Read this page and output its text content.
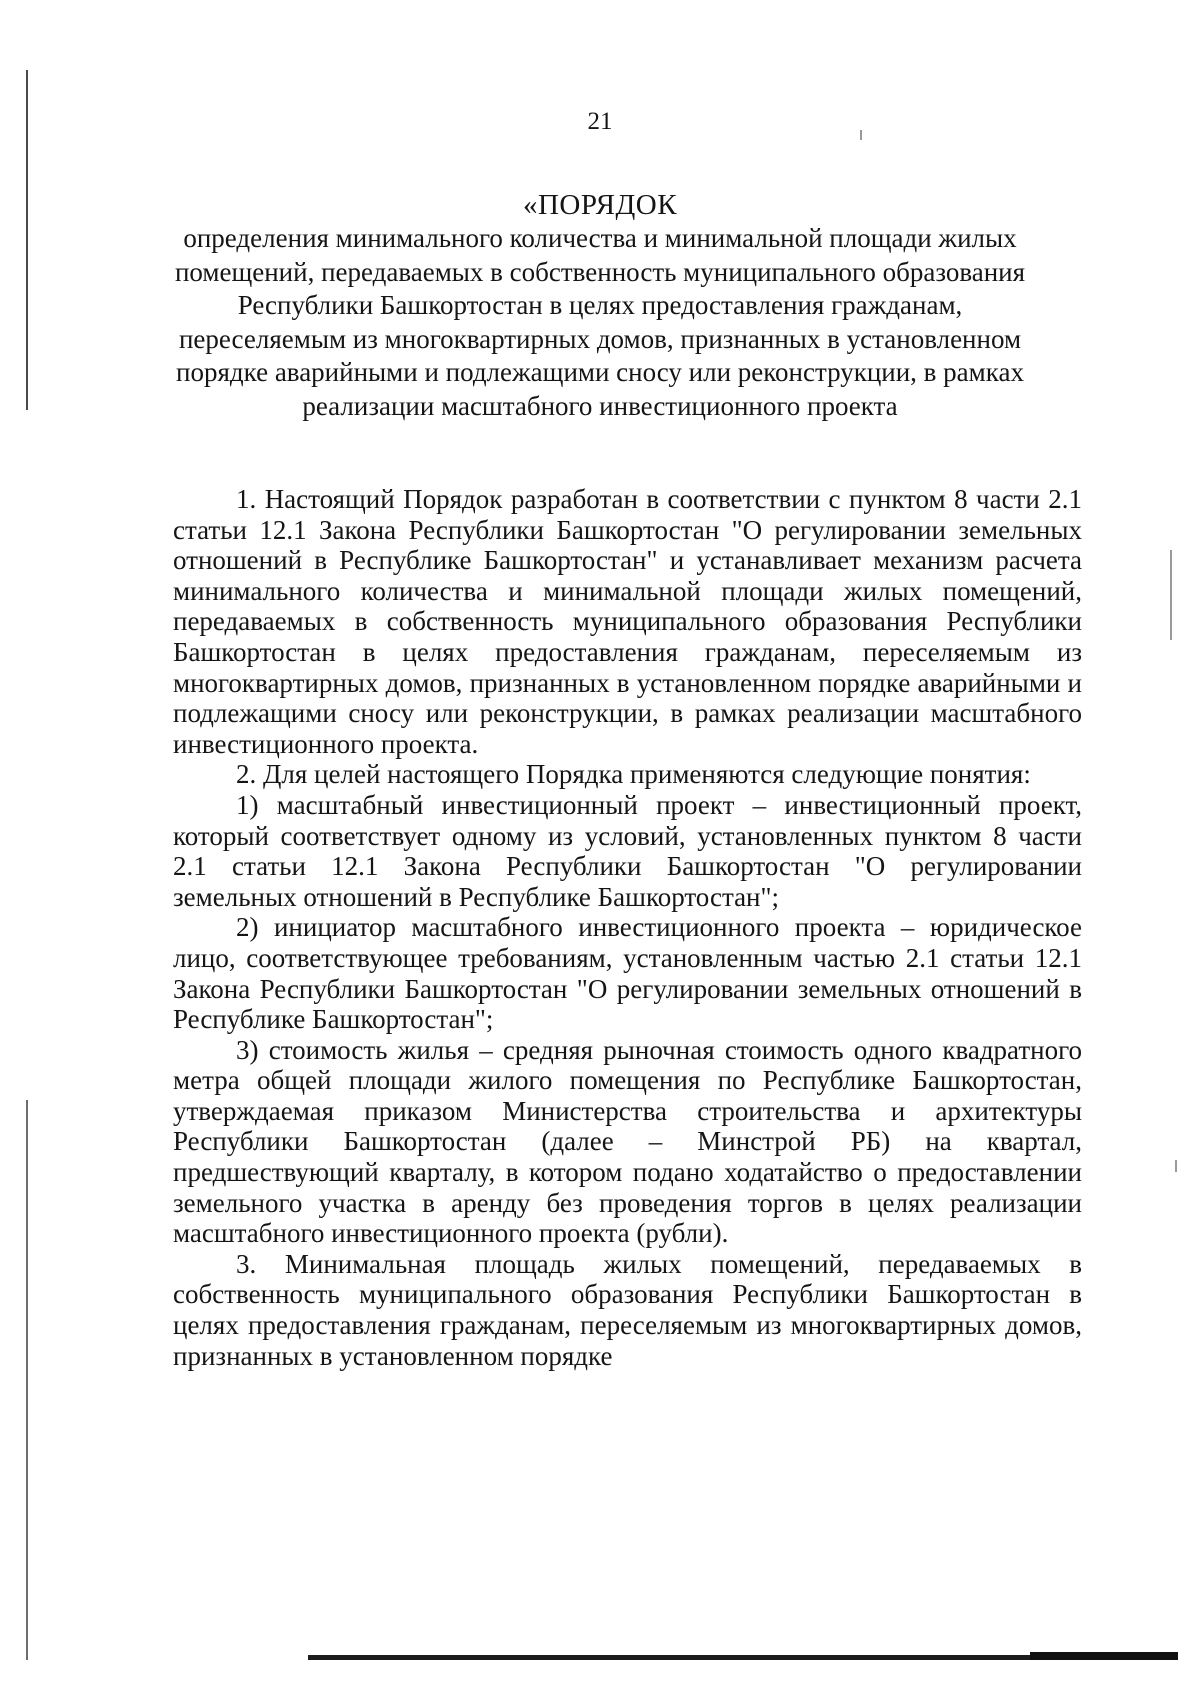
21

«ПОРЯДОК

определения минимального количества и минимальной площади жилых помещений, передаваемых в собственность муниципального образования Республики Башкортостан в целях предоставления гражданам, переселяемым из многоквартирных домов, признанных в установленном порядке аварийными и подлежащими сносу или реконструкции, в рамках реализации масштабного инвестиционного проекта

1. Настоящий Порядок разработан в соответствии с пунктом 8 части 2.1 статьи 12.1 Закона Республики Башкортостан "О регулировании земельных отношений в Республике Башкортостан" и устанавливает механизм расчета минимального количества и минимальной площади жилых помещений, передаваемых в собственность муниципального образования Республики Башкортостан в целях предоставления гражданам, переселяемым из многоквартирных домов, признанных в установленном порядке аварийными и подлежащими сносу или реконструкции, в рамках реализации масштабного инвестиционного проекта.

2. Для целей настоящего Порядка применяются следующие понятия:

1) масштабный инвестиционный проект – инвестиционный проект, который соответствует одному из условий, установленных пунктом 8 части 2.1 статьи 12.1 Закона Республики Башкортостан "О регулировании земельных отношений в Республике Башкортостан";

2) инициатор масштабного инвестиционного проекта – юридическое лицо, соответствующее требованиям, установленным частью 2.1 статьи 12.1 Закона Республики Башкортостан "О регулировании земельных отношений в Республике Башкортостан";

3) стоимость жилья – средняя рыночная стоимость одного квадратного метра общей площади жилого помещения по Республике Башкортостан, утверждаемая приказом Министерства строительства и архитектуры Республики Башкортостан (далее – Минстрой РБ) на квартал, предшествующий кварталу, в котором подано ходатайство о предоставлении земельного участка в аренду без проведения торгов в целях реализации масштабного инвестиционного проекта (рубли).

3. Минимальная площадь жилых помещений, передаваемых в собственность муниципального образования Республики Башкортостан в целях предоставления гражданам, переселяемым из многоквартирных домов, признанных в установленном порядке
